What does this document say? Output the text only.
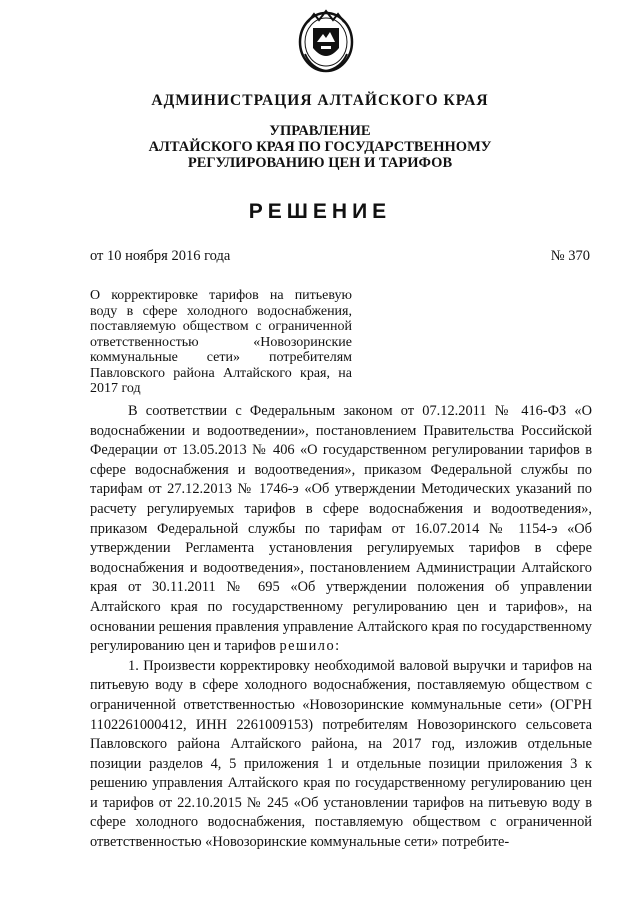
АДМИНИСТРАЦИЯ АЛТАЙСКОГО КРАЯ
УПРАВЛЕНИЕ
АЛТАЙСКОГО КРАЯ ПО ГОСУДАРСТВЕННОМУ
РЕГУЛИРОВАНИЮ ЦЕН И ТАРИФОВ
РЕШЕНИЕ
от 10 ноября 2016 года	№ 370
О корректировке тарифов на питьевую воду в сфере холодного водоснабжения, поставляемую обществом с ограниченной ответственностью «Новозоринские коммунальные сети» потребителям Павловского района Алтайского края, на 2017 год

В соответствии с Федеральным законом от 07.12.2011 № 416-ФЗ «О водоснабжении и водоотведении», постановлением Правительства Российской Федерации от 13.05.2013 № 406 «О государственном регулировании тарифов в сфере водоснабжения и водоотведения», приказом Федеральной службы по тарифам от 27.12.2013 № 1746-э «Об утверждении Методических указаний по расчету регулируемых тарифов в сфере водоснабжения и водоотведения», приказом Федеральной службы по тарифам от 16.07.2014 № 1154-э «Об утверждении Регламента установления регулируемых тарифов в сфере водоснабжения и водоотведения», постановлением Администрации Алтайского края от 30.11.2011 № 695 «Об утверждении положения об управлении Алтайского края по государственному регулированию цен и тарифов», на основании решения правления управление Алтайского края по государственному регулированию цен и тарифов решило:

1. Произвести корректировку необходимой валовой выручки и тарифов на питьевую воду в сфере холодного водоснабжения, поставляемую обществом с ограниченной ответственностью «Новозоринские коммунальные сети» (ОГРН 1102261000412, ИНН 2261009153) потребителям Новозоринского сельсовета Павловского района Алтайского района, на 2017 год, изложив отдельные позиции разделов 4, 5 приложения 1 и отдельные позиции приложения 3 к решению управления Алтайского края по государственному регулированию цен и тарифов от 22.10.2015 № 245 «Об установлении тарифов на питьевую воду в сфере холодного водоснабжения, поставляемую обществом с ограниченной ответственностью «Новозоринские коммунальные сети» потребите-
